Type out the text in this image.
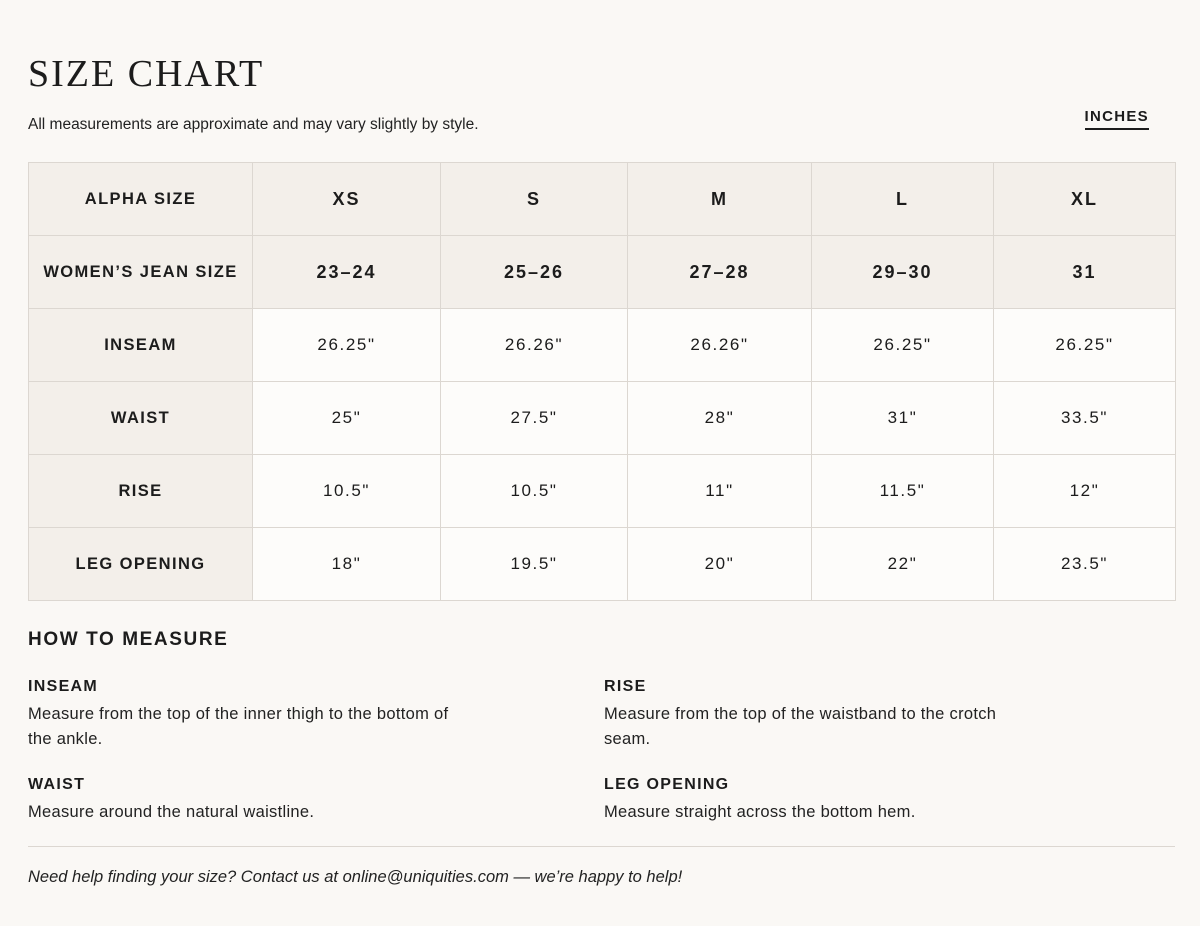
SIZE CHART

All measurements are approximate and may vary slightly by style.	INCHES
ALPHA SIZE	XS	S	M	L	XL
WOMEN’S JEAN SIZE	23–24	25–26	27–28	29–30	31
INSEAM	26.25"	26.26"	26.26"	26.25"	26.25"
WAIST	25"	27.5"	28"	31"	33.5"
RISE	10.5"	10.5"	11"	11.5"	12"
LEG OPENING	18"	19.5"	20"	22"	23.5"
HOW TO MEASURE
INSEAM

Measure from the top of the inner thigh to the bottom of the ankle.

RISE

Measure from the top of the waistband to the crotch seam.

WAIST

Measure around the natural waistline.

LEG OPENING

Measure straight across the bottom hem.

Need help finding your size? Contact us at online@uniquities.com — we’re happy to help!
